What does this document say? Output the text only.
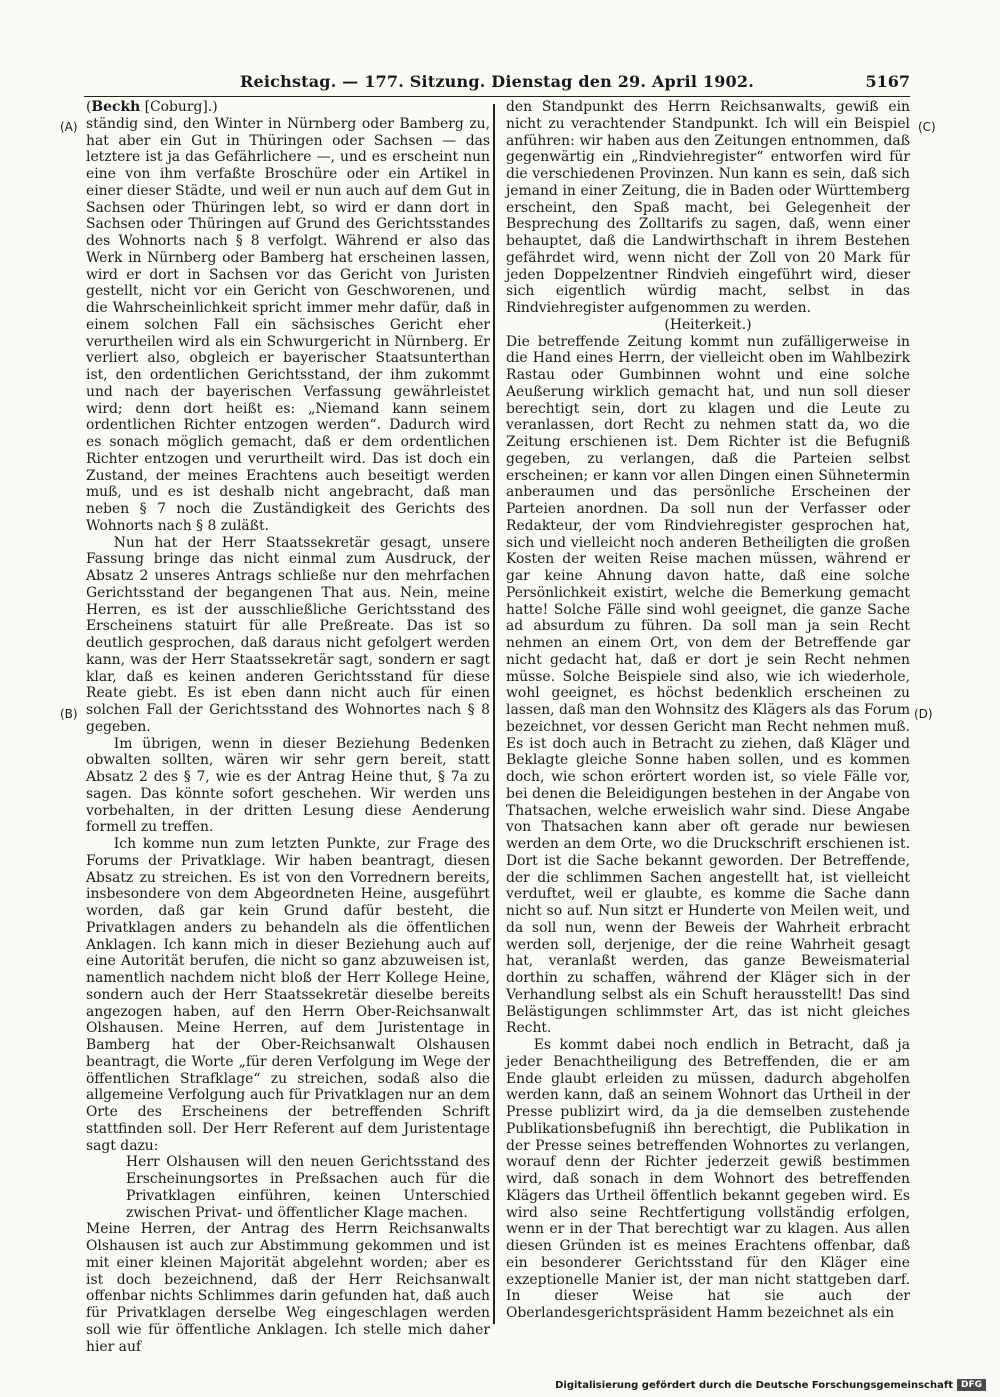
Reichstag. — 177. Sitzung. Dienstag den 29. April 1902.	5167
(A)
(B)
(C)
(D)

(Beckh [Coburg].)

ständig sind, den Winter in Nürnberg oder Bamberg zu, hat aber ein Gut in Thüringen oder Sachsen — das letztere ist ja das Gefährlichere —, und es erscheint nun eine von ihm verfaßte Broschüre oder ein Artikel in einer dieser Städte, und weil er nun auch auf dem Gut in Sachsen oder Thüringen lebt, so wird er dann dort in Sachsen oder Thüringen auf Grund des Gerichtsstandes des Wohnorts nach § 8 verfolgt. Während er also das Werk in Nürnberg oder Bamberg hat erscheinen lassen, wird er dort in Sachsen vor das Gericht von Juristen gestellt, nicht vor ein Gericht von Geschworenen, und die Wahrscheinlichkeit spricht immer mehr dafür, daß in einem solchen Fall ein sächsisches Gericht eher verurtheilen wird als ein Schwurgericht in Nürnberg. Er verliert also, obgleich er bayerischer Staatsunterthan ist, den ordentlichen Gerichtsstand, der ihm zukommt und nach der bayerischen Verfassung gewährleistet wird; denn dort heißt es: „Niemand kann seinem ordentlichen Richter entzogen werden“. Dadurch wird es sonach möglich gemacht, daß er dem ordentlichen Richter entzogen und verurtheilt wird. Das ist doch ein Zustand, der meines Erachtens auch beseitigt werden muß, und es ist deshalb nicht angebracht, daß man neben § 7 noch die Zuständigkeit des Gerichts des Wohnorts nach § 8 zuläßt.

Nun hat der Herr Staatssekretär gesagt, unsere Fassung bringe das nicht einmal zum Ausdruck, der Absatz 2 unseres Antrags schließe nur den mehrfachen Gerichtsstand der begangenen That aus. Nein, meine Herren, es ist der ausschließliche Gerichtsstand des Erscheinens statuirt für alle Preßreate. Das ist so deutlich gesprochen, daß daraus nicht gefolgert werden kann, was der Herr Staatssekretär sagt, sondern er sagt klar, daß es keinen anderen Gerichtsstand für diese Reate giebt. Es ist eben dann nicht auch für einen solchen Fall der Gerichtsstand des Wohnortes nach § 8 gegeben.

Im übrigen, wenn in dieser Beziehung Bedenken obwalten sollten, wären wir sehr gern bereit, statt Absatz 2 des § 7, wie es der Antrag Heine thut, § 7a zu sagen. Das könnte sofort geschehen. Wir werden uns vorbehalten, in der dritten Lesung diese Aenderung formell zu treffen.

Ich komme nun zum letzten Punkte, zur Frage des Forums der Privatklage. Wir haben beantragt, diesen Absatz zu streichen. Es ist von den Vorrednern bereits, insbesondere von dem Abgeordneten Heine, ausgeführt worden, daß gar kein Grund dafür besteht, die Privatklagen anders zu behandeln als die öffentlichen Anklagen. Ich kann mich in dieser Beziehung auch auf eine Autorität berufen, die nicht so ganz abzuweisen ist, namentlich nachdem nicht bloß der Herr Kollege Heine, sondern auch der Herr Staatssekretär dieselbe bereits angezogen haben, auf den Herrn Ober-Reichsanwalt Olshausen. Meine Herren, auf dem Juristentage in Bamberg hat der Ober-Reichsanwalt Olshausen beantragt, die Worte „für deren Verfolgung im Wege der öffentlichen Strafklage“ zu streichen, sodaß also die allgemeine Verfolgung auch für Privatklagen nur an dem Orte des Erscheinens der betreffenden Schrift stattfinden soll. Der Herr Referent auf dem Juristentage sagt dazu:

Herr Olshausen will den neuen Gerichtsstand des Erscheinungsortes in Preßsachen auch für die Privatklagen einführen, keinen Unterschied zwischen Privat- und öffentlicher Klage machen.

Meine Herren, der Antrag des Herrn Reichsanwalts Olshausen ist auch zur Abstimmung gekommen und ist mit einer kleinen Majorität abgelehnt worden; aber es ist doch bezeichnend, daß der Herr Reichsanwalt offenbar nichts Schlimmes darin gefunden hat, daß auch für Privatklagen derselbe Weg eingeschlagen werden soll wie für öffentliche Anklagen. Ich stelle mich daher hier auf

den Standpunkt des Herrn Reichsanwalts, gewiß ein nicht zu verachtender Standpunkt. Ich will ein Beispiel anführen: wir haben aus den Zeitungen entnommen, daß gegenwärtig ein „Rindviehregister“ entworfen wird für die verschiedenen Provinzen. Nun kann es sein, daß sich jemand in einer Zeitung, die in Baden oder Württemberg erscheint, den Spaß macht, bei Gelegenheit der Besprechung des Zolltarifs zu sagen, daß, wenn einer behauptet, daß die Landwirthschaft in ihrem Bestehen gefährdet wird, wenn nicht der Zoll von 20 Mark für jeden Doppelzentner Rindvieh eingeführt wird, dieser sich eigentlich würdig macht, selbst in das Rindviehregister aufgenommen zu werden.

(Heiterkeit.)

Die betreffende Zeitung kommt nun zufälligerweise in die Hand eines Herrn, der vielleicht oben im Wahlbezirk Rastau oder Gumbinnen wohnt und eine solche Aeußerung wirklich gemacht hat, und nun soll dieser berechtigt sein, dort zu klagen und die Leute zu veranlassen, dort Recht zu nehmen statt da, wo die Zeitung erschienen ist. Dem Richter ist die Befugniß gegeben, zu verlangen, daß die Parteien selbst erscheinen; er kann vor allen Dingen einen Sühnetermin anberaumen und das persönliche Erscheinen der Parteien anordnen. Da soll nun der Verfasser oder Redakteur, der vom Rindviehregister gesprochen hat, sich und vielleicht noch anderen Betheiligten die großen Kosten der weiten Reise machen müssen, während er gar keine Ahnung davon hatte, daß eine solche Persönlichkeit existirt, welche die Bemerkung gemacht hatte! Solche Fälle sind wohl geeignet, die ganze Sache ad absurdum zu führen. Da soll man ja sein Recht nehmen an einem Ort, von dem der Betreffende gar nicht gedacht hat, daß er dort je sein Recht nehmen müsse. Solche Beispiele sind also, wie ich wiederhole, wohl geeignet, es höchst bedenklich erscheinen zu lassen, daß man den Wohnsitz des Klägers als das Forum bezeichnet, vor dessen Gericht man Recht nehmen muß. Es ist doch auch in Betracht zu ziehen, daß Kläger und Beklagte gleiche Sonne haben sollen, und es kommen doch, wie schon erörtert worden ist, so viele Fälle vor, bei denen die Beleidigungen bestehen in der Angabe von Thatsachen, welche erweislich wahr sind. Diese Angabe von Thatsachen kann aber oft gerade nur bewiesen werden an dem Orte, wo die Druckschrift erschienen ist. Dort ist die Sache bekannt geworden. Der Betreffende, der die schlimmen Sachen angestellt hat, ist vielleicht verduftet, weil er glaubte, es komme die Sache dann nicht so auf. Nun sitzt er Hunderte von Meilen weit, und da soll nun, wenn der Beweis der Wahrheit erbracht werden soll, derjenige, der die reine Wahrheit gesagt hat, veranlaßt werden, das ganze Beweismaterial dorthin zu schaffen, während der Kläger sich in der Verhandlung selbst als ein Schuft herausstellt! Das sind Belästigungen schlimmster Art, das ist nicht gleiches Recht.

Es kommt dabei noch endlich in Betracht, daß ja jeder Benachtheiligung des Betreffenden, die er am Ende glaubt erleiden zu müssen, dadurch abgeholfen werden kann, daß an seinem Wohnort das Urtheil in der Presse publizirt wird, da ja die demselben zustehende Publikationsbefugniß ihn berechtigt, die Publikation in der Presse seines betreffenden Wohnortes zu verlangen, worauf denn der Richter jederzeit gewiß bestimmen wird, daß sonach in dem Wohnort des betreffenden Klägers das Urtheil öffentlich bekannt gegeben wird. Es wird also seine Rechtfertigung vollständig erfolgen, wenn er in der That berechtigt war zu klagen. Aus allen diesen Gründen ist es meines Erachtens offenbar, daß ein besonderer Gerichtsstand für den Kläger eine exzeptionelle Manier ist, der man nicht stattgeben darf. In dieser Weise hat sie auch der Oberlandesgerichtspräsident Hamm bezeichnet als ein

Digitalisierung gefördert durch die Deutsche Forschungsgemeinschaft DFG
